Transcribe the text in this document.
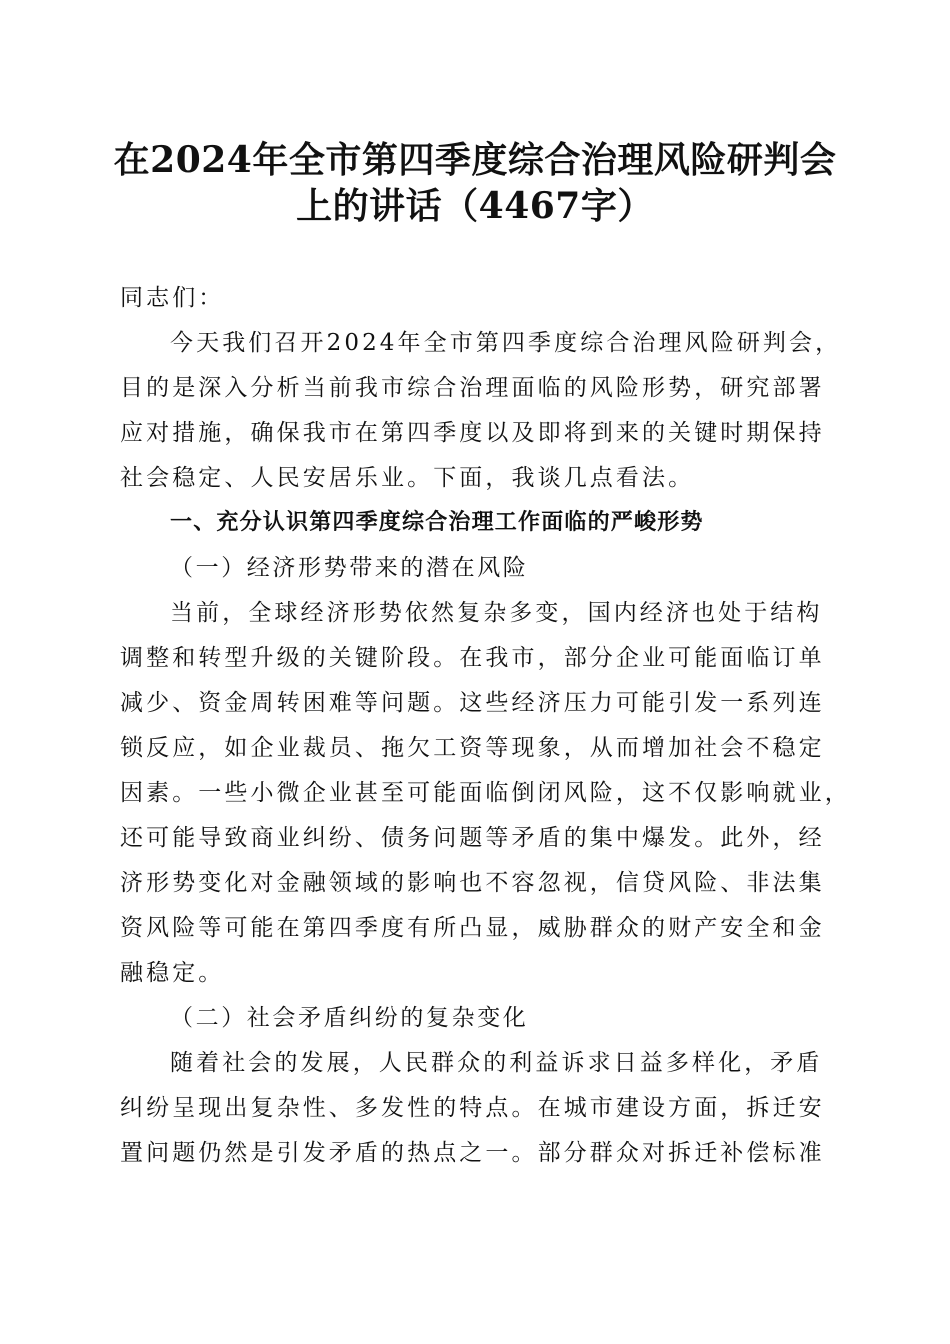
在2024年全市第四季度综合治理风险研判会
上的讲话（4467字）
同志们：
今天我们召开2024年全市第四季度综合治理风险研判会，
目的是深入分析当前我市综合治理面临的风险形势，研究部署
应对措施，确保我市在第四季度以及即将到来的关键时期保持
社会稳定、人民安居乐业。下面，我谈几点看法。
一、充分认识第四季度综合治理工作面临的严峻形势
（一）经济形势带来的潜在风险
当前，全球经济形势依然复杂多变，国内经济也处于结构
调整和转型升级的关键阶段。在我市，部分企业可能面临订单
减少、资金周转困难等问题。这些经济压力可能引发一系列连
锁反应，如企业裁员、拖欠工资等现象，从而增加社会不稳定
因素。一些小微企业甚至可能面临倒闭风险，这不仅影响就业，
还可能导致商业纠纷、债务问题等矛盾的集中爆发。此外，经
济形势变化对金融领域的影响也不容忽视，信贷风险、非法集
资风险等可能在第四季度有所凸显，威胁群众的财产安全和金
融稳定。
（二）社会矛盾纠纷的复杂变化
随着社会的发展，人民群众的利益诉求日益多样化，矛盾
纠纷呈现出复杂性、多发性的特点。在城市建设方面，拆迁安
置问题仍然是引发矛盾的热点之一。部分群众对拆迁补偿标准
